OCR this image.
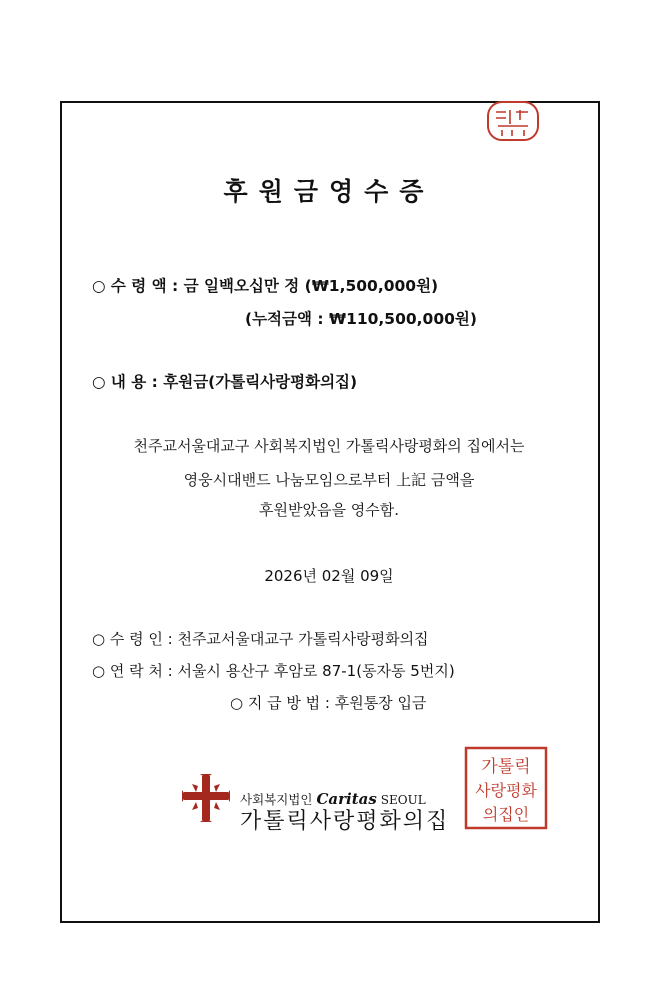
후원금영수증
○ 수 령 액 : 금 일백오십만 정 (₩1,500,000원)
(누적금액 : ₩110,500,000원)
○ 내 용 : 후원금(가톨릭사랑평화의집)
천주교서울대교구 사회복지법인 가톨릭사랑평화의 집에서는
영웅시대밴드 나눔모임으로부터 上記 금액을
후원받았음을 영수함.
2026년 02월 09일
○ 수 령 인 : 천주교서울대교구 가톨릭사랑평화의집
○ 연 락 처 : 서울시 용산구 후암로 87-1(동자동 5번지)
○ 지 급 방 법 : 후원통장 입금
사회복지법인 Caritas SEOUL
가톨릭사랑평화의집
가톨릭
사랑평화
의집인
